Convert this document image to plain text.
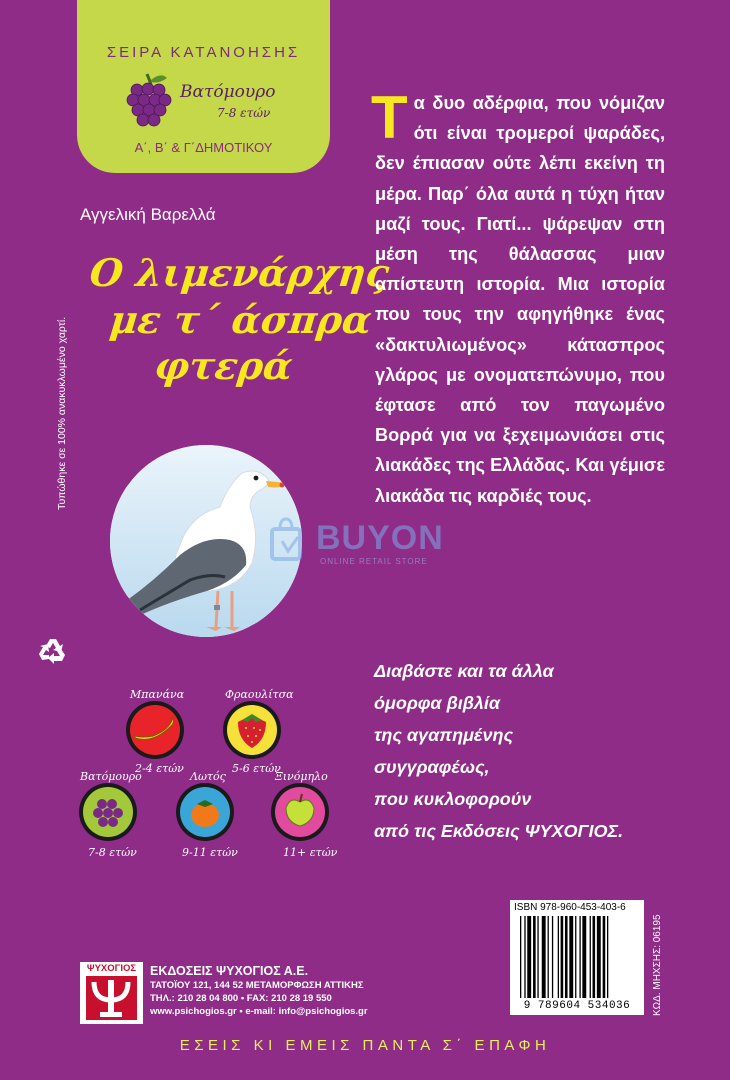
ΣΕΙΡΑ ΚΑΤΑΝΟΗΣΗΣ
Βατόμουρο
7-8 ετών
Α΄, Β΄ & Γ΄ΔΗΜΟΤΙΚΟΥ
Αγγελική Βαρελλά
Ο λιμενάρχης
με τ΄ άσπρα
φτερά
Τυπώθηκε σε 100% ανακυκλωμένο χαρτί.
Μπανάνα
2-4 ετών
Φραουλίτσα
5-6 ετών
Βατόμουρο
7-8 ετών
Λωτός
9-11 ετών
Ξινόμηλο
11+ ετών
Τα δυο αδέρφια, που νόμιζαν ότι είναι τρομεροί ψαράδες, δεν έπιασαν ούτε λέπι εκείνη τη μέρα. Παρ΄ όλα αυτά η τύχη ήταν μαζί τους. Γιατί... ψάρεψαν στη μέση της θάλασσας μιαν απίστευτη ιστορία. Μια ιστορία που τους την αφηγήθηκε ένας «δακτυλιωμένος» κάτασπρος γλάρος με ονοματεπώνυμο, που έφτασε από τον παγωμένο Βορρά για να ξεχειμωνιάσει στις λιακάδες της Ελλάδας. Και γέμισε λιακάδα τις καρδιές τους.
BUYON
ONLINE RETAIL STORE
Διαβάστε και τα άλλα
όμορφα βιβλία
της αγαπημένης
συγγραφέως,
που κυκλοφορούν
από τις Εκδόσεις ΨΥΧΟΓΙΟΣ.
ISBN 978-960-453-403-6
9 789604 534036	ΚΩΔ. ΜΗΧΣΗΣ: 06195
ΨΥΧΟΓΙΟΣ	ΕΚΔΟΣΕΙΣ ΨΥΧΟΓΙΟΣ Α.Ε.
ΤΑΤΟΪΟΥ 121, 144 52 ΜΕΤΑΜΟΡΦΩΣΗ ΑΤΤΙΚΗΣ
ΤΗΛ.: 210 28 04 800 • FAX: 210 28 19 550
www.psichogios.gr • e-mail: info@psichogios.gr
ΕΣΕΙΣ ΚΙ ΕΜΕΙΣ ΠΑΝΤΑ Σ΄ ΕΠΑΦΗ
